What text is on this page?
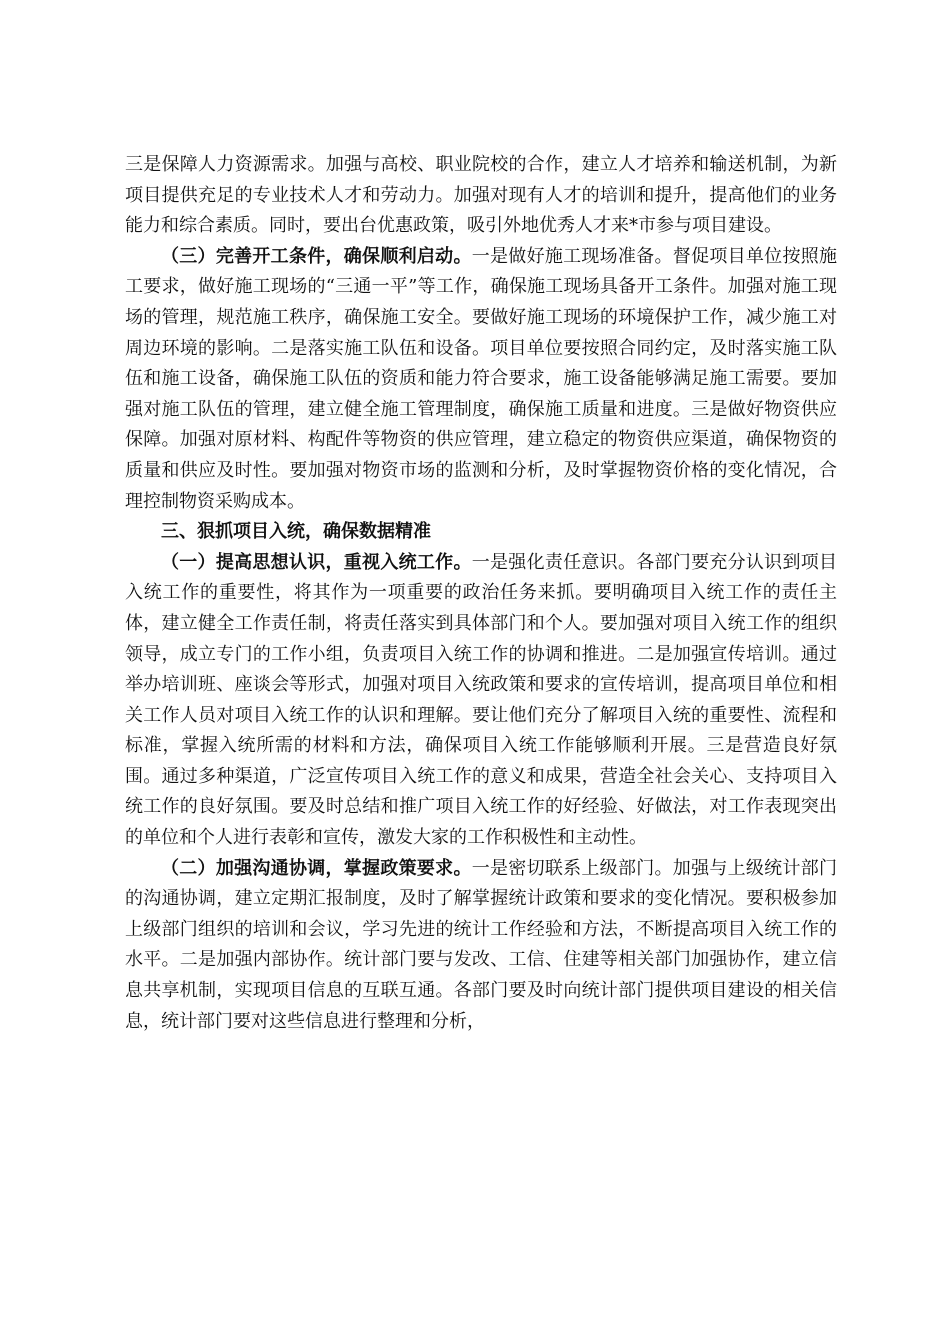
三是保障人力资源需求。加强与高校、职业院校的合作，建立人才培养和输送机制，为新项目提供充足的专业技术人才和劳动力。加强对现有人才的培训和提升，提高他们的业务能力和综合素质。同时，要出台优惠政策，吸引外地优秀人才来*市参与项目建设。

（三）完善开工条件，确保顺利启动。一是做好施工现场准备。督促项目单位按照施工要求，做好施工现场的“三通一平”等工作，确保施工现场具备开工条件。加强对施工现场的管理，规范施工秩序，确保施工安全。要做好施工现场的环境保护工作，减少施工对周边环境的影响。二是落实施工队伍和设备。项目单位要按照合同约定，及时落实施工队伍和施工设备，确保施工队伍的资质和能力符合要求，施工设备能够满足施工需要。要加强对施工队伍的管理，建立健全施工管理制度，确保施工质量和进度。三是做好物资供应保障。加强对原材料、构配件等物资的供应管理，建立稳定的物资供应渠道，确保物资的质量和供应及时性。要加强对物资市场的监测和分析，及时掌握物资价格的变化情况，合理控制物资采购成本。

三、狠抓项目入统，确保数据精准

（一）提高思想认识，重视入统工作。一是强化责任意识。各部门要充分认识到项目入统工作的重要性，将其作为一项重要的政治任务来抓。要明确项目入统工作的责任主体，建立健全工作责任制，将责任落实到具体部门和个人。要加强对项目入统工作的组织领导，成立专门的工作小组，负责项目入统工作的协调和推进。二是加强宣传培训。通过举办培训班、座谈会等形式，加强对项目入统政策和要求的宣传培训，提高项目单位和相关工作人员对项目入统工作的认识和理解。要让他们充分了解项目入统的重要性、流程和标准，掌握入统所需的材料和方法，确保项目入统工作能够顺利开展。三是营造良好氛围。通过多种渠道，广泛宣传项目入统工作的意义和成果，营造全社会关心、支持项目入统工作的良好氛围。要及时总结和推广项目入统工作的好经验、好做法，对工作表现突出的单位和个人进行表彰和宣传，激发大家的工作积极性和主动性。

（二）加强沟通协调，掌握政策要求。一是密切联系上级部门。加强与上级统计部门的沟通协调，建立定期汇报制度，及时了解掌握统计政策和要求的变化情况。要积极参加上级部门组织的培训和会议，学习先进的统计工作经验和方法，不断提高项目入统工作的水平。二是加强内部协作。统计部门要与发改、工信、住建等相关部门加强协作，建立信息共享机制，实现项目信息的互联互通。各部门要及时向统计部门提供项目建设的相关信息，统计部门要对这些信息进行整理和分析，
